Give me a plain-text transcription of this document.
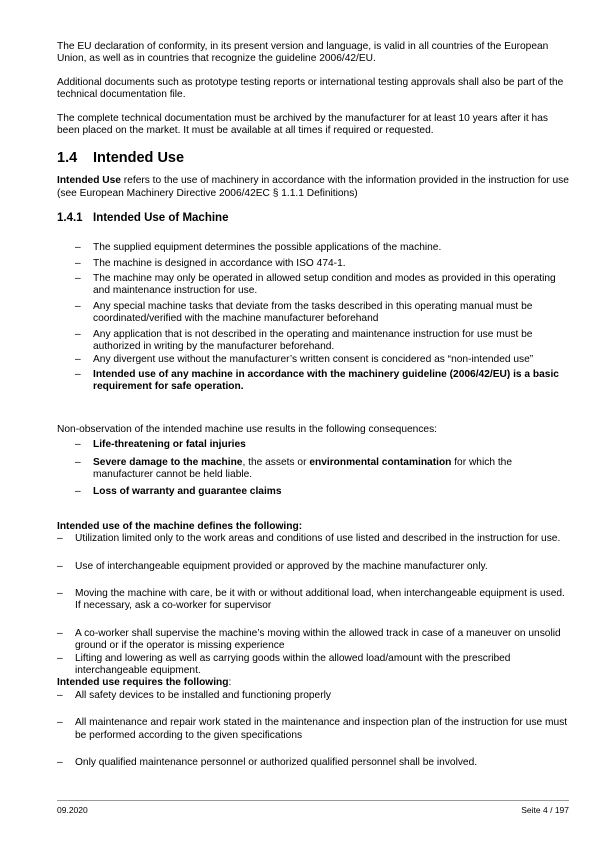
The EU declaration of conformity, in its present version and language, is valid in all countries of the European Union, as well as in countries that recognize the guideline 2006/42/EU.

Additional documents such as prototype testing reports or international testing approvals shall also be part of the technical documentation file.

The complete technical documentation must be archived by the manufacturer for at least 10 years after it has been placed on the market. It must be available at all times if required or requested.

1.4 Intended Use

Intended Use refers to the use of machinery in accordance with the information provided in the instruction for use (see European Machinery Directive 2006/42EC § 1.1.1 Definitions)

1.4.1 Intended Use of Machine
– The supplied equipment determines the possible applications of the machine.
– The machine is designed in accordance with ISO 474-1.
– The machine may only be operated in allowed setup condition and modes as provided in this operating and maintenance instruction for use.
– Any special machine tasks that deviate from the tasks described in this operating manual must be coordinated/verified with the machine manufacturer beforehand
– Any application that is not described in the operating and maintenance instruction for use must be authorized in writing by the manufacturer beforehand.
– Any divergent use without the manufacturer’s written consent is concidered as “non-intended use”
– Intended use of any machine in accordance with the machinery guideline (2006/42/EU) is a basic requirement for safe operation.

Non-observation of the intended machine use results in the following consequences:

– Life-threatening or fatal injuries
– Severe damage to the machine, the assets or environmental contamination for which the manufacturer cannot be held liable.
– Loss of warranty and guarantee claims

Intended use of the machine defines the following:

– Utilization limited only to the work areas and conditions of use listed and described in the instruction for use.
– Use of interchangeable equipment provided or approved by the machine manufacturer only.
– Moving the machine with care, be it with or without additional load, when interchangeable equipment is used. If necessary, ask a co-worker for supervisor
– A co-worker shall supervise the machine’s moving within the allowed track in case of a maneuver on unsolid ground or if the operator is missing experience
– Lifting and lowering as well as carrying goods within the allowed load/amount with the prescribed interchangeable equipment.

Intended use requires the following:

– All safety devices to be installed and functioning properly
– All maintenance and repair work stated in the maintenance and inspection plan of the instruction for use must be performed according to the given specifications
– Only qualified maintenance personnel or authorized qualified personnel shall be involved.
09.2020	Seite 4 / 197
